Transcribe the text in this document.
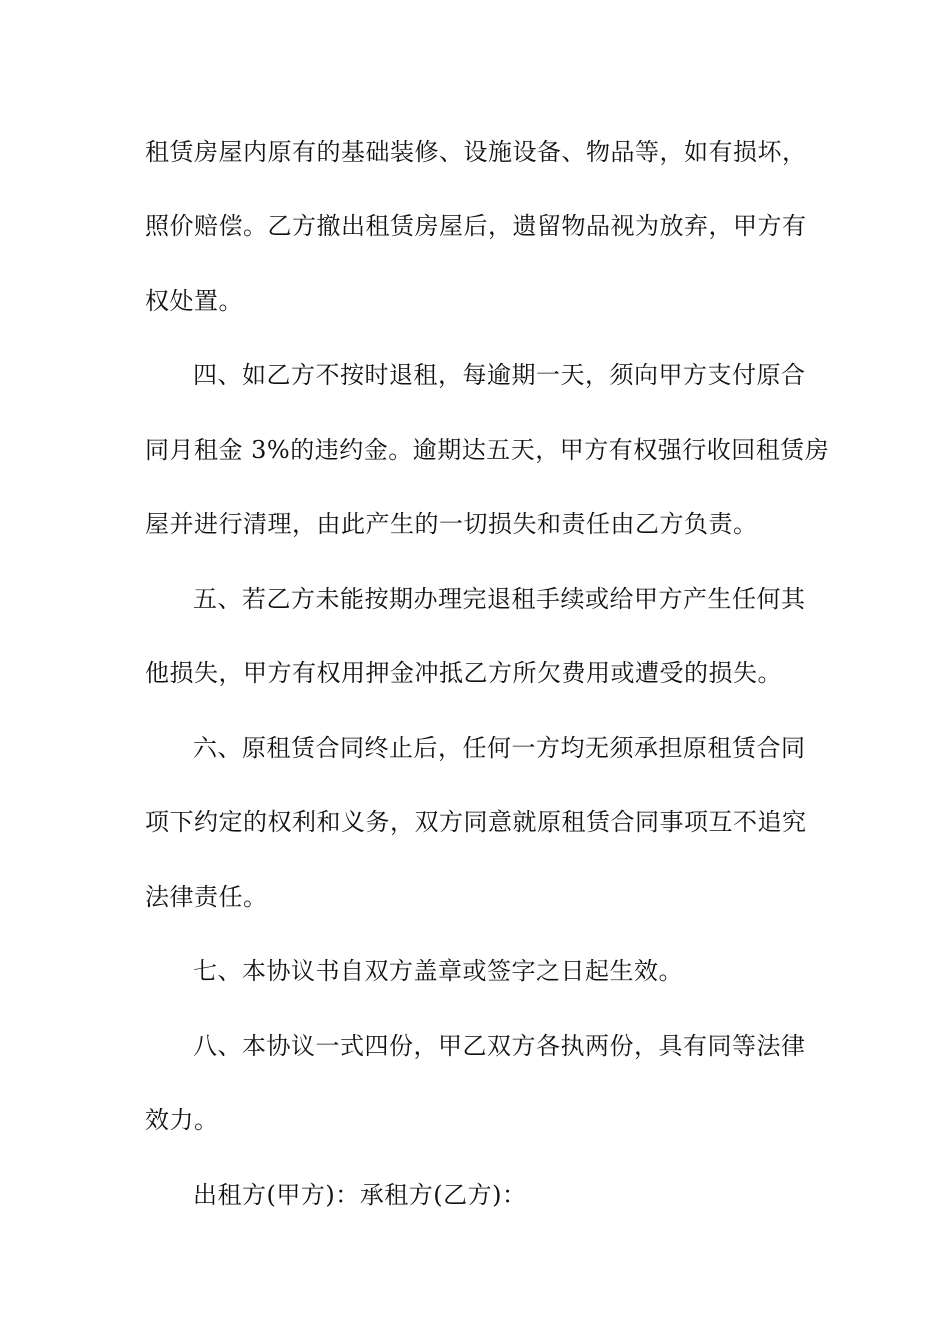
租赁房屋内原有的基础装修、设施设备、物品等，如有损坏，
照价赔偿。乙方撤出租赁房屋后，遗留物品视为放弃，甲方有
权处置。
四、如乙方不按时退租，每逾期一天，须向甲方支付原合
同月租金 3%的违约金。逾期达五天，甲方有权强行收回租赁房
屋并进行清理，由此产生的一切损失和责任由乙方负责。
五、若乙方未能按期办理完退租手续或给甲方产生任何其
他损失，甲方有权用押金冲抵乙方所欠费用或遭受的损失。
六、原租赁合同终止后，任何一方均无须承担原租赁合同
项下约定的权利和义务，双方同意就原租赁合同事项互不追究
法律责任。
七、本协议书自双方盖章或签字之日起生效。
八、本协议一式四份，甲乙双方各执两份，具有同等法律
效力。
出租方(甲方)：承租方(乙方)：
